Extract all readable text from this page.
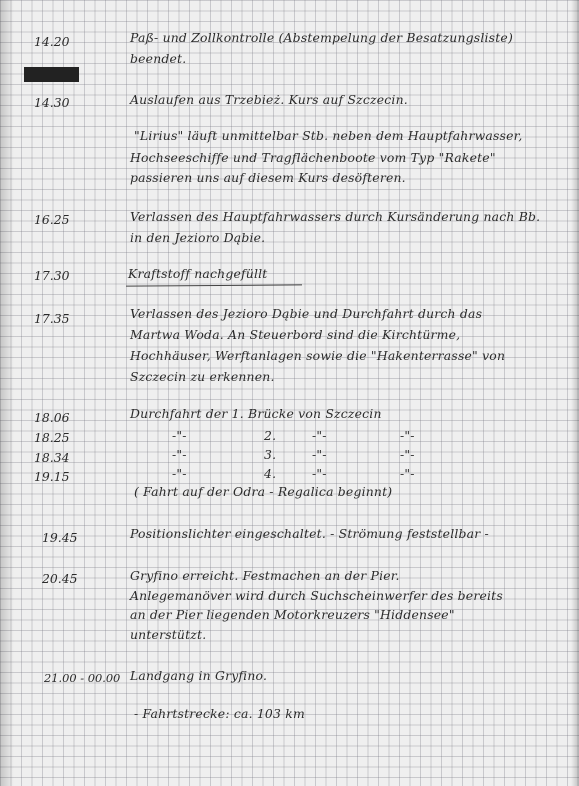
14.20	Paß- und Zollkontrolle (Abstempelung der Besatzungsliste)
beendet.
14.30	Auslaufen aus Trzebież. Kurs auf Szczecin.
"Lirius" läuft unmittelbar Stb. neben dem Hauptfahrwasser,
Hochseeschiffe und Tragflächenboote vom Typ "Rakete"
passieren uns auf diesem Kurs desöfteren.
16.25	Verlassen des Hauptfahrwassers durch Kursänderung nach Bb.
in den Jezioro Dąbie.
17.30	Kraftstoff nachgefüllt
17.35	Verlassen des Jezioro Dąbie und Durchfahrt durch das
Martwa Woda. An Steuerbord sind die Kirchtürme,
Hochhäuser, Werftanlagen sowie die "Hakenterrasse" von
Szczecin zu erkennen.
18.06	Durchfahrt der 1. Brücke von Szczecin
18.25	-"-	2.	-"-	-"-
18.34	-"-	3.	-"-	-"-
19.15	-"-	4.	-"-	-"-
( Fahrt auf der Odra - Regalica beginnt)
19.45	Positionslichter eingeschaltet. - Strömung feststellbar -
20.45	Gryfino erreicht. Festmachen an der Pier.
Anlegemanöver wird durch Suchscheinwerfer des bereits
an der Pier liegenden Motorkreuzers "Hiddensee"
unterstützt.
21.00 - 00.00 Landgang in Gryfino.
- Fahrtstrecke: ca. 103 km
